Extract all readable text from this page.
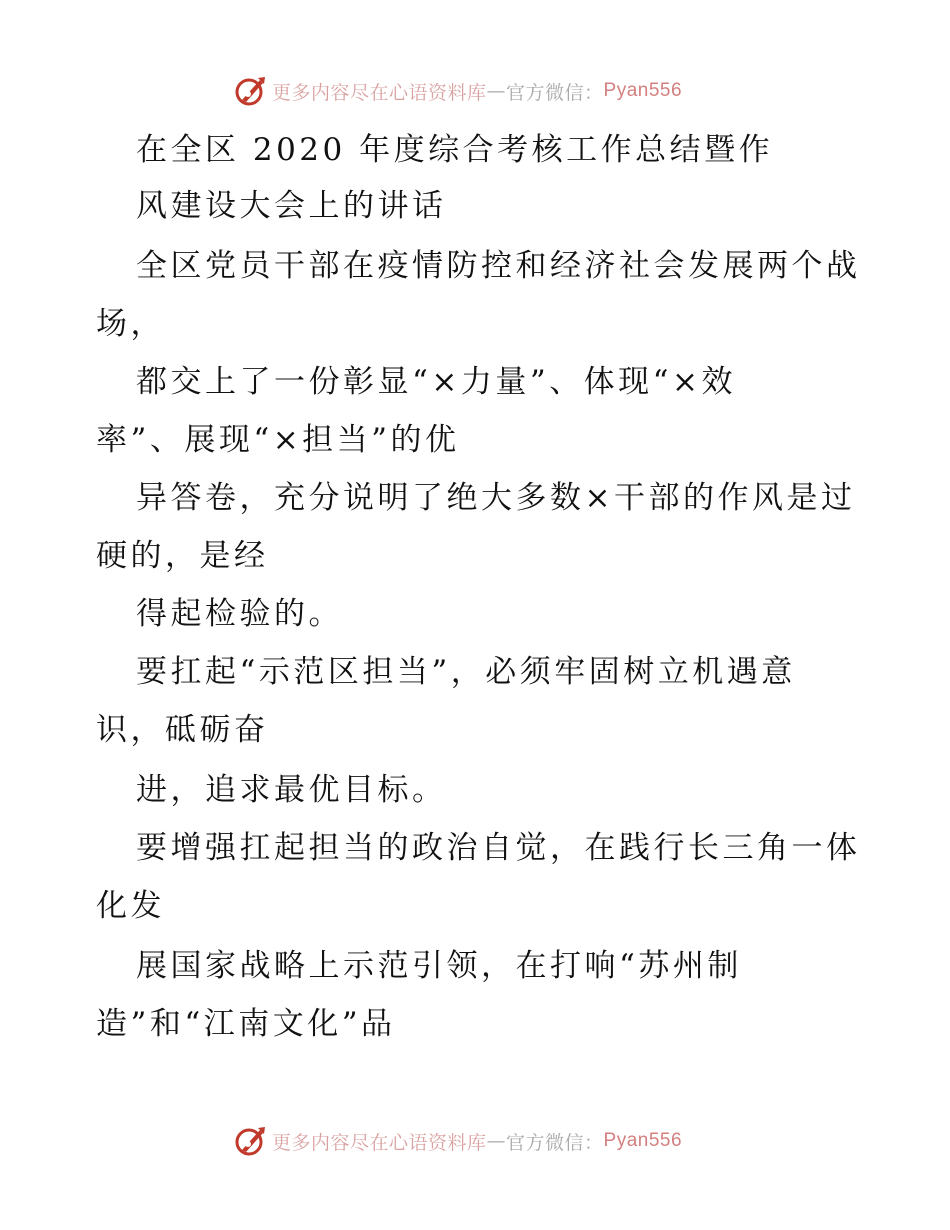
更多内容尽在心语资料库 — 官方微信： Pyan556
在全区 2020 年度综合考核工作总结暨作
风建设大会上的讲话
全区党员干部在疫情防控和经济社会发展两个战
场，
都交上了一份彰显“×力量”、体现“×效
率”、展现“×担当”的优
异答卷，充分说明了绝大多数×干部的作风是过
硬的，是经
得起检验的。
要扛起“示范区担当”，必须牢固树立机遇意
识，砥砺奋
进，追求最优目标。
要增强扛起担当的政治自觉，在践行长三角一体
化发
展国家战略上示范引领，在打响“苏州制
造”和“江南文化”品
更多内容尽在心语资料库 — 官方微信： Pyan556
